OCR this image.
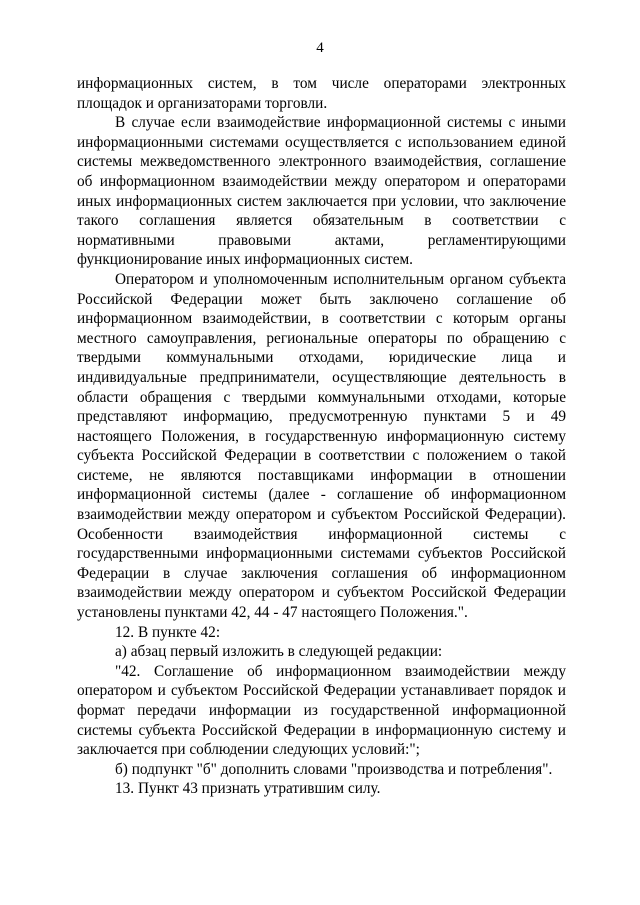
4

информационных систем, в том числе операторами электронных площадок и организаторами торговли.

В случае если взаимодействие информационной системы с иными информационными системами осуществляется с использованием единой системы межведомственного электронного взаимодействия, соглашение об информационном взаимодействии между оператором и операторами иных информационных систем заключается при условии, что заключение такого соглашения является обязательным в соответствии с нормативными правовыми актами, регламентирующими функционирование иных информационных систем.

Оператором и уполномоченным исполнительным органом субъекта Российской Федерации может быть заключено соглашение об информационном взаимодействии, в соответствии с которым органы местного самоуправления, региональные операторы по обращению с твердыми коммунальными отходами, юридические лица и индивидуальные предприниматели, осуществляющие деятельность в области обращения с твердыми коммунальными отходами, которые представляют информацию, предусмотренную пунктами 5 и 49 настоящего Положения, в государственную информационную систему субъекта Российской Федерации в соответствии с положением о такой системе, не являются поставщиками информации в отношении информационной системы (далее - соглашение об информационном взаимодействии между оператором и субъектом Российской Федерации). Особенности взаимодействия информационной системы с государственными информационными системами субъектов Российской Федерации в случае заключения соглашения об информационном взаимодействии между оператором и субъектом Российской Федерации установлены пунктами 42, 44 - 47 настоящего Положения.".

12. В пункте 42:

а) абзац первый изложить в следующей редакции:

"42. Соглашение об информационном взаимодействии между оператором и субъектом Российской Федерации устанавливает порядок и формат передачи информации из государственной информационной системы субъекта Российской Федерации в информационную систему и заключается при соблюдении следующих условий:";

б) подпункт "б" дополнить словами "производства и потребления".

13. Пункт 43 признать утратившим силу.
